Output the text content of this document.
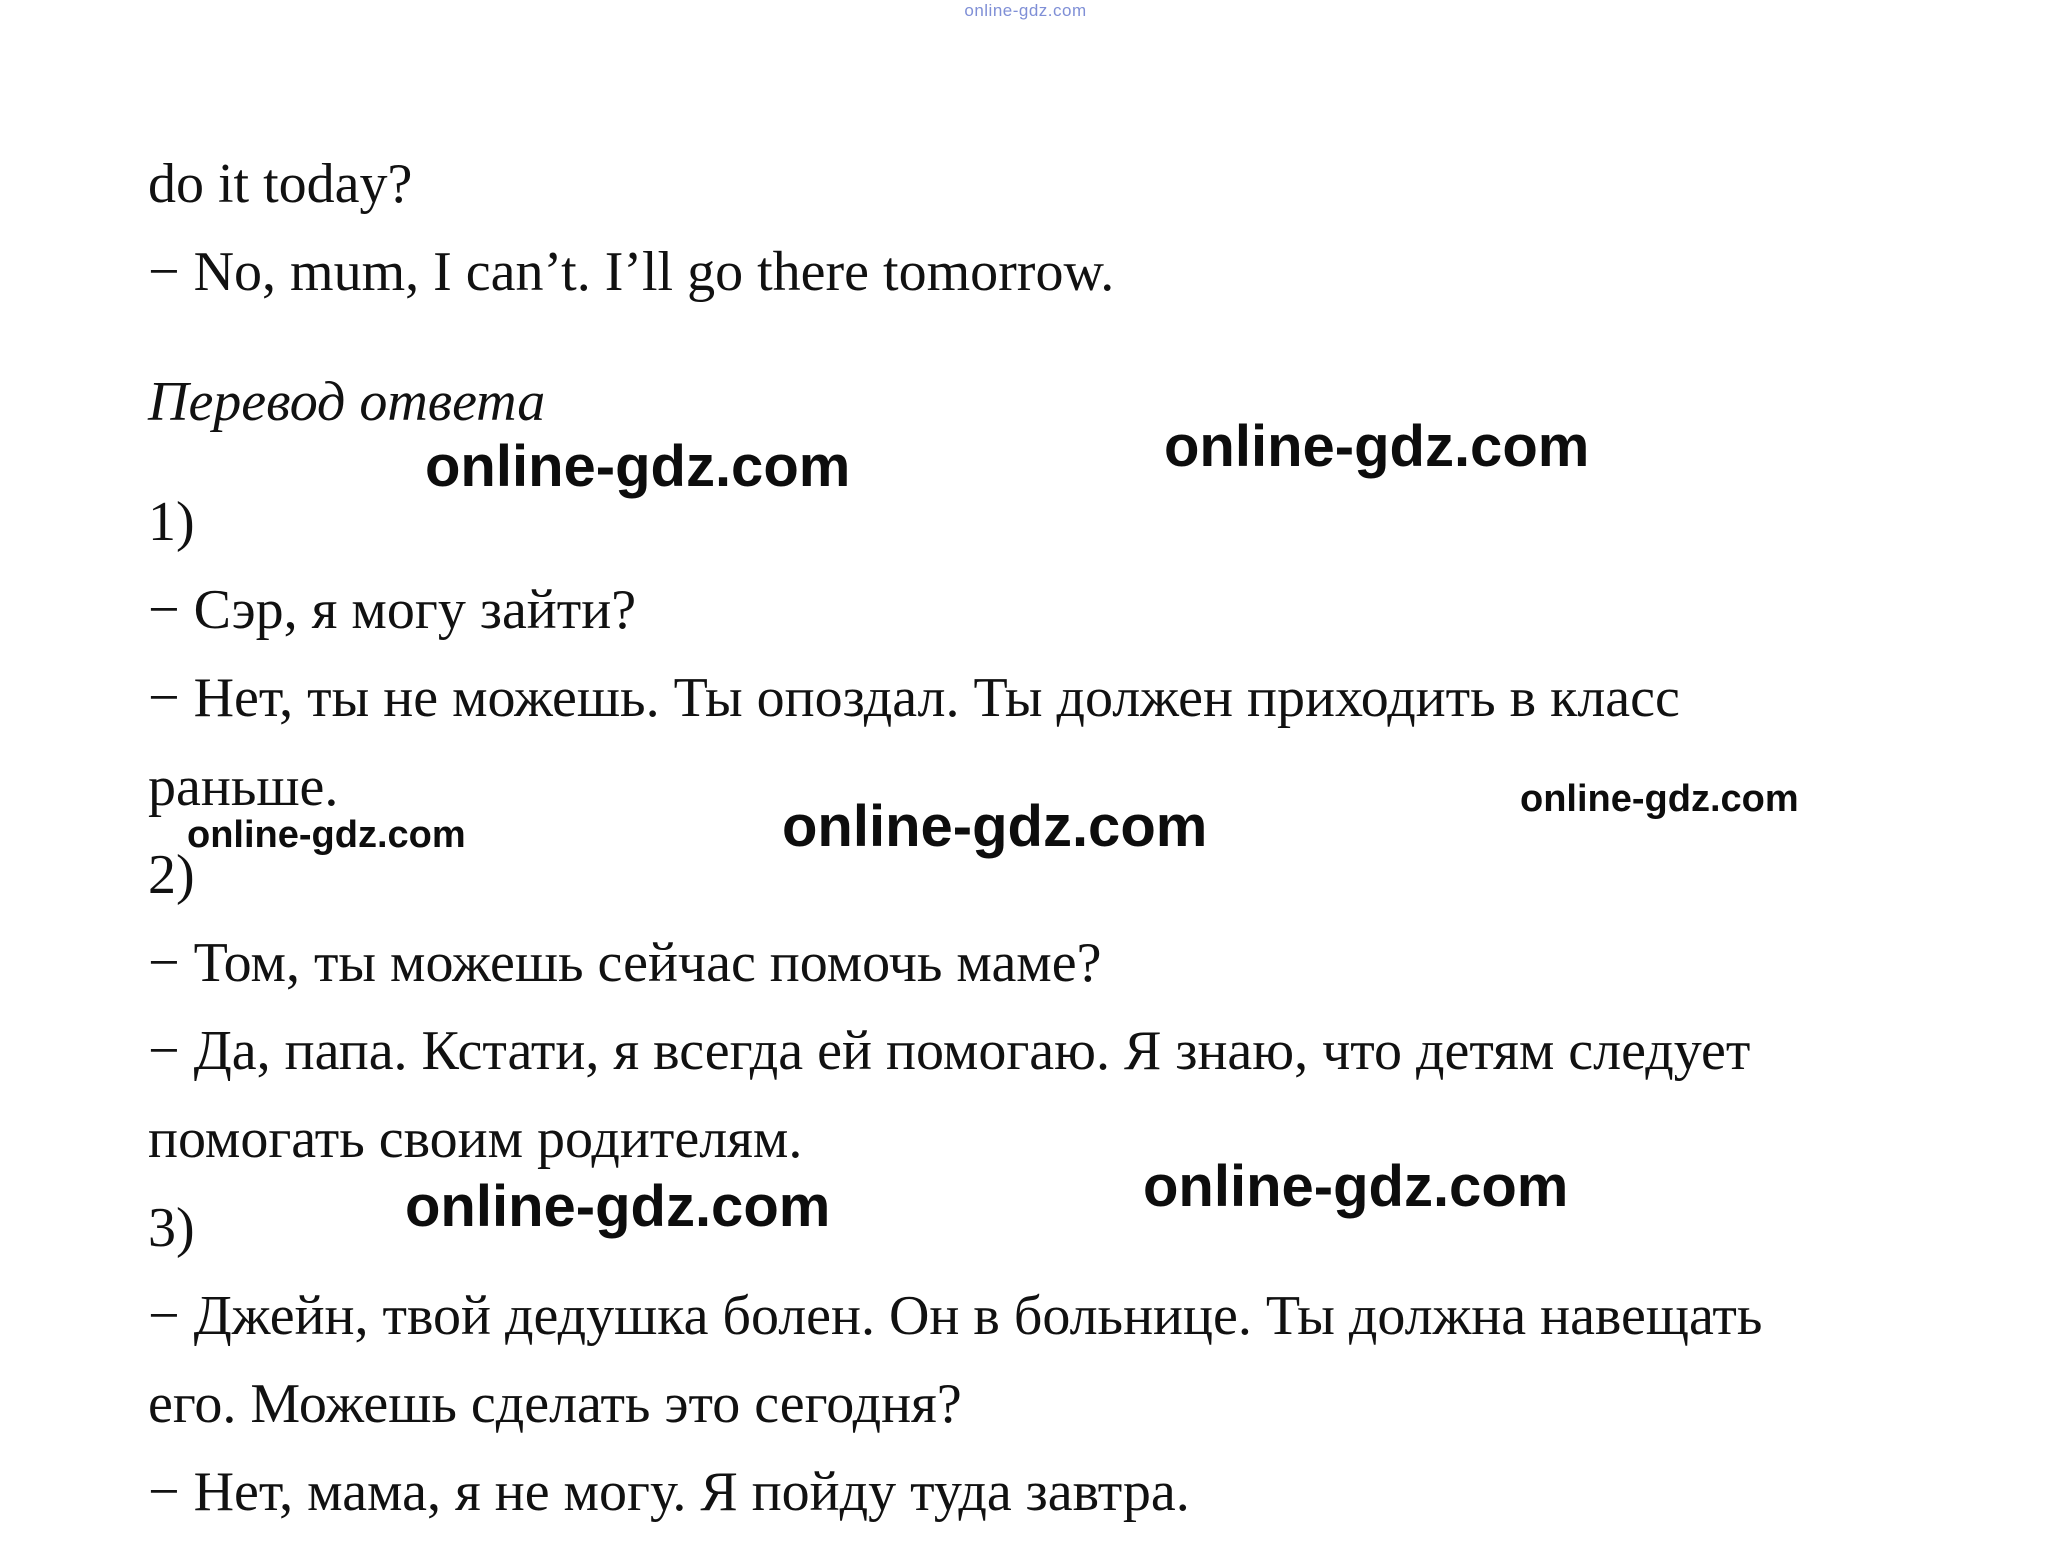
online-gdz.com
do it today?
− No, mum, I can’t. I’ll go there tomorrow.
Перевод ответа
1)
− Сэр, я могу зайти?
− Нет, ты не можешь. Ты опоздал. Ты должен приходить в класс
раньше.
2)
− Том, ты можешь сейчас помочь маме?
− Да, папа. Кстати, я всегда ей помогаю. Я знаю, что детям следует
помогать своим родителям.
3)
− Джейн, твой дедушка болен. Он в больнице. Ты должна навещать
его. Можешь сделать это сегодня?
− Нет, мама, я не могу. Я пойду туда завтра.
online-gdz.com	online-gdz.com
online-gdz.com	online-gdz.com	online-gdz.com
online-gdz.com	online-gdz.com
